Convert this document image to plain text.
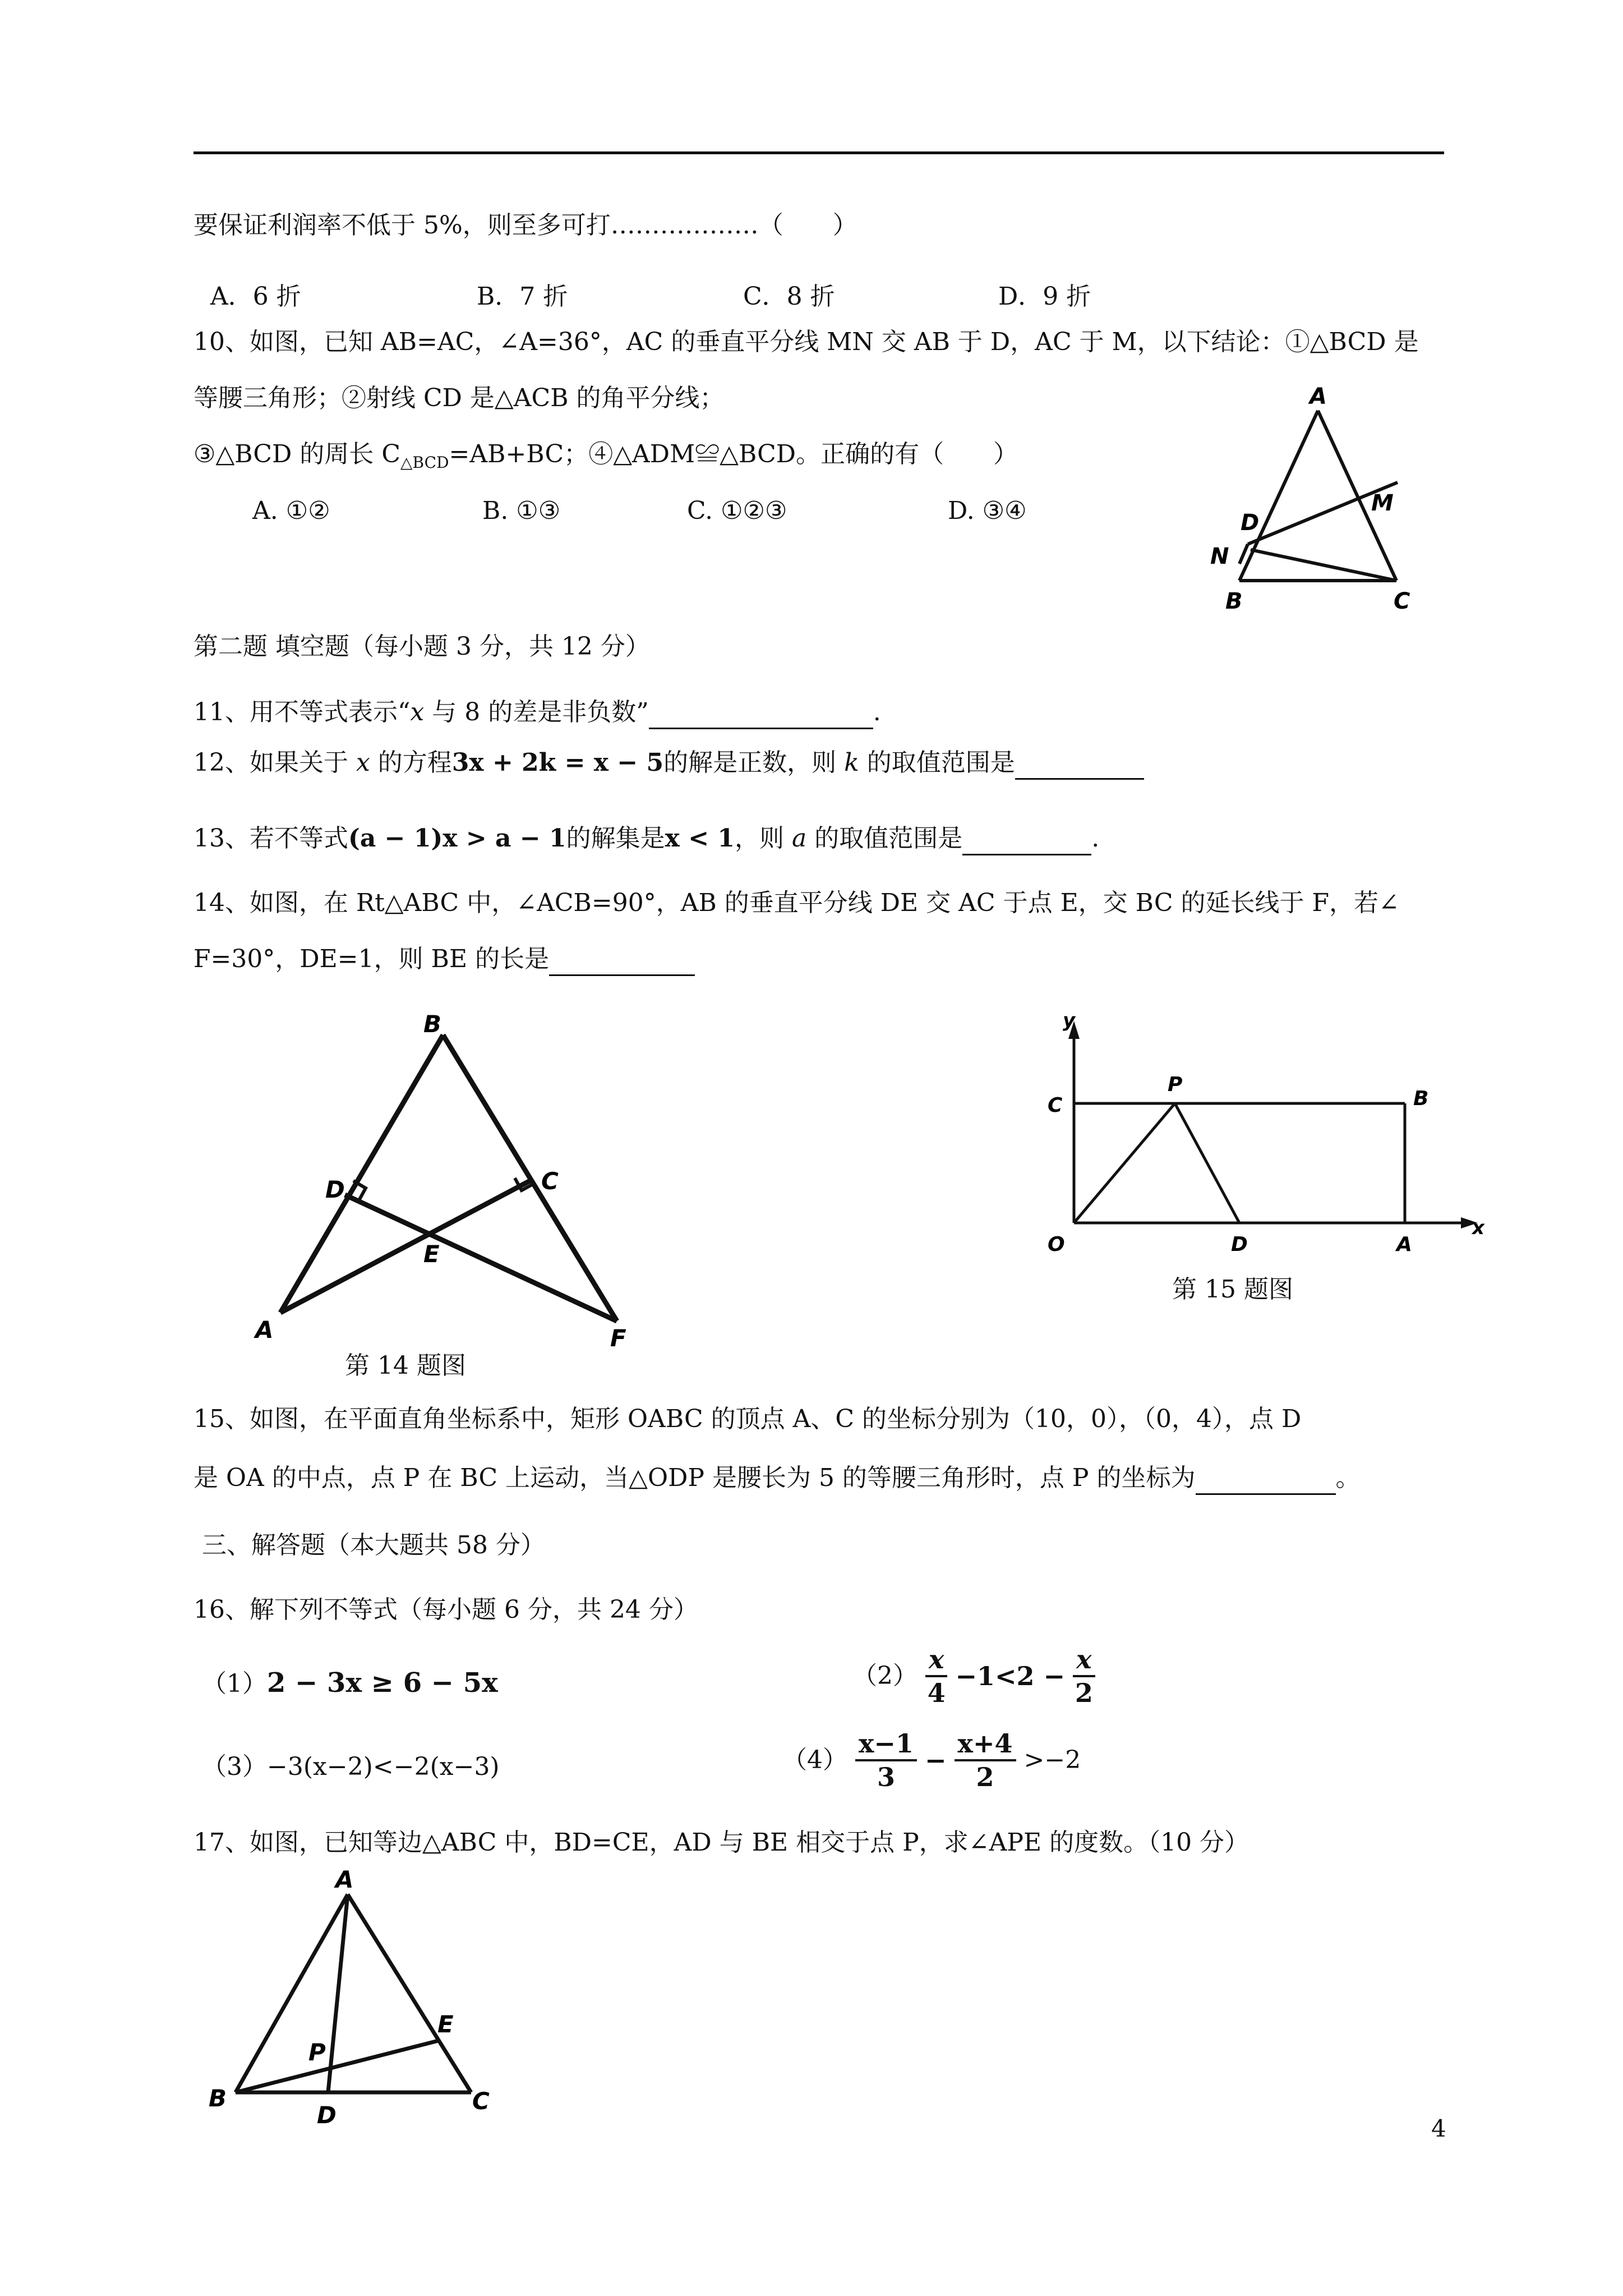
要保证利润率不低于 5%，则至多可打………………（　　）
A．6 折	B．7 折	C．8 折	D．9 折
10、如图，已知 AB=AC，∠A=36°，AC 的垂直平分线 MN 交 AB 于 D，AC 于 M，以下结论：①△BCD 是
等腰三角形；②射线 CD 是△ACB 的角平分线；
③△BCD 的周长 $C_{\triangle BCD}=AB+BC$；④△ADM≌△BCD。正确的有（　　）
A. ①②	B. ①③	C. ①②③	D. ③④
A
M
D
N
B	C
第二题 填空题（每小题 3 分，共 12 分）
11、用不等式表示“x 与 8 的差是非负数”	.
12、如果关于 x 的方程3x + 2k = x − 5的解是正数，则 k 的取值范围是
13、若不等式(a − 1)x > a − 1的解集是x < 1，则 a 的取值范围是	.
14、如图，在 Rt△ABC 中，∠ACB=90°，AB 的垂直平分线 DE 交 AC 于点 E，交 BC 的延长线于 F，若∠
F=30°，DE=1，则 BE 的长是
B
D	C
E
A	F
第 14 题图
y
C
P
B
O	D	A
x
第 15 题图
15、如图，在平面直角坐标系中，矩形 OABC 的顶点 A、C 的坐标分别为（10，0），（0，4），点 D
是 OA 的中点，点 P 在 BC 上运动，当△ODP 是腰长为 5 的等腰三角形时，点 P 的坐标为	。
三、解答题（本大题共 58 分）
16、解下列不等式（每小题 6 分，共 24 分）
（1）2 − 3x ≥ 6 − 5x	$(2) \frac{x}{4} -1<2 - \frac{x}{2}$
（3）−3(x−2)<−2(x−3)	$(4) \frac{x-1}{3} - \frac{x+4}{2} >-2$
17、如图，已知等边△ABC 中，BD=CE，AD 与 BE 相交于点 P，求∠APE 的度数。（10 分）
A
E
P
B
D
C
4
